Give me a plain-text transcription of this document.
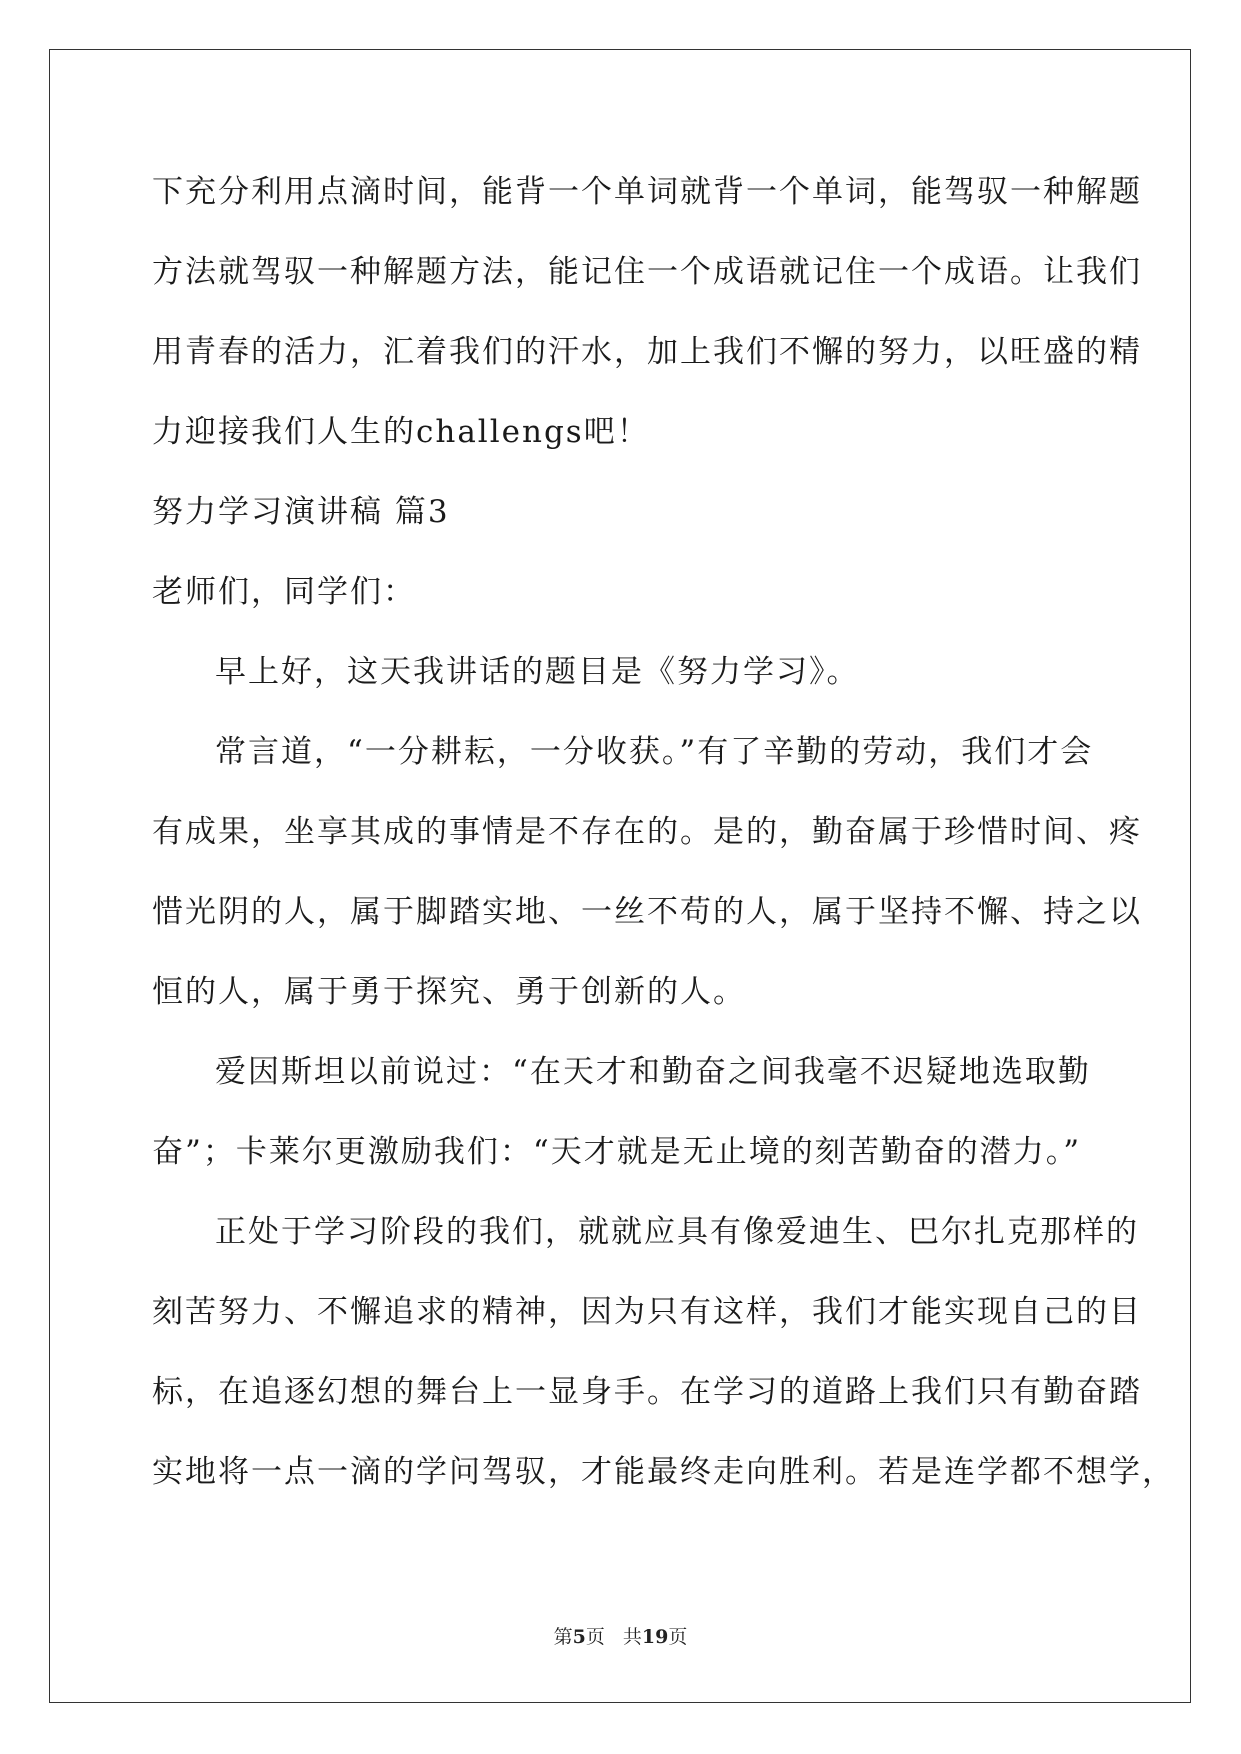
下充分利用点滴时间，能背一个单词就背一个单词，能驾驭一种解题
方法就驾驭一种解题方法，能记住一个成语就记住一个成语。让我们
用青春的活力，汇着我们的汗水，加上我们不懈的努力，以旺盛的精
力迎接我们人生的challengs吧！
努力学习演讲稿 篇3
老师们，同学们：
早上好，这天我讲话的题目是《努力学习》。
常言道，“一分耕耘，一分收获。”有了辛勤的劳动，我们才会
有成果，坐享其成的事情是不存在的。是的，勤奋属于珍惜时间、疼
惜光阴的人，属于脚踏实地、一丝不苟的人，属于坚持不懈、持之以
恒的人，属于勇于探究、勇于创新的人。
爱因斯坦以前说过：“在天才和勤奋之间我毫不迟疑地选取勤
奋”；卡莱尔更激励我们：“天才就是无止境的刻苦勤奋的潜力。”
正处于学习阶段的我们，就就应具有像爱迪生、巴尔扎克那样的
刻苦努力、不懈追求的精神，因为只有这样，我们才能实现自己的目
标，在追逐幻想的舞台上一显身手。在学习的道路上我们只有勤奋踏
实地将一点一滴的学问驾驭，才能最终走向胜利。若是连学都不想学，
第5页 共19页
